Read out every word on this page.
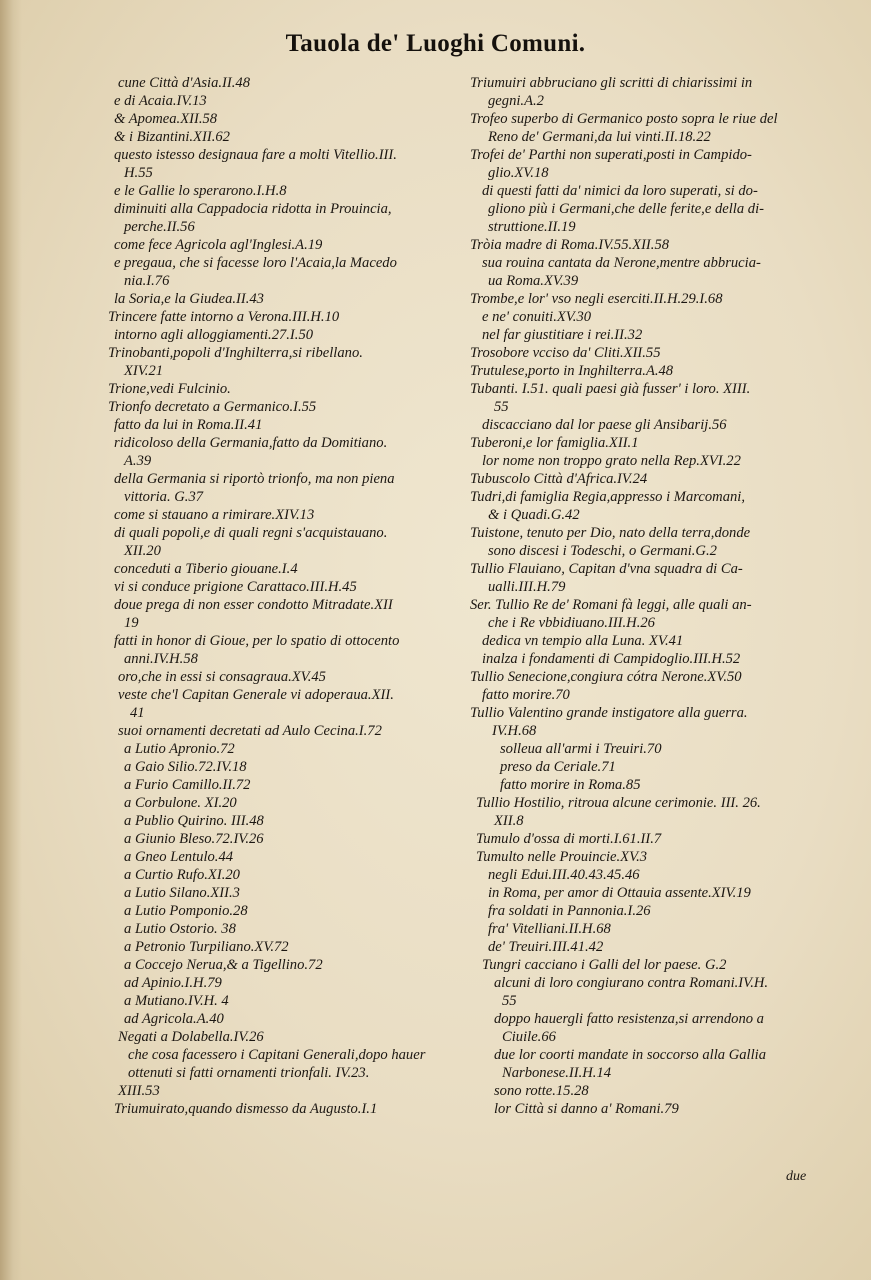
Tauola de' Luoghi Comuni.
cune Città d'Asia.II.48
e di Acaia.IV.13
& Apomea.XII.58
& i Bizantini.XII.62
questo istesso designaua fare a molti Vitellio.III.
H.55
e le Gallie lo sperarono.I.H.8
diminuiti alla Cappadocia ridotta in Prouincia,
perche.II.56
come fece Agricola agl'Inglesi.A.19
e pregaua, che si facesse loro l'Acaia,la Macedo
nia.I.76
la Soria,e la Giudea.II.43
Trincere fatte intorno a Verona.III.H.10
intorno agli alloggiamenti.27.I.50
Trinobanti,popoli d'Inghilterra,si ribellano.
XIV.21
Trione,vedi Fulcinio.
Trionfo decretato a Germanico.I.55
fatto da lui in Roma.II.41
ridicoloso della Germania,fatto da Domitiano.
A.39
della Germania si riportò trionfo, ma non piena
vittoria. G.37
come si stauano a rimirare.XIV.13
di quali popoli,e di quali regni s'acquistauano.
XII.20
conceduti a Tiberio giouane.I.4
vi si conduce prigione Carattaco.III.H.45
doue prega di non esser condotto Mitradate.XII
19
fatti in honor di Gioue, per lo spatio di ottocento
anni.IV.H.58
oro,che in essi si consagraua.XV.45
veste che'l Capitan Generale vi adoperaua.XII.
41
suoi ornamenti decretati ad Aulo Cecina.I.72
a Lutio Apronio.72
a Gaio Silio.72.IV.18
a Furio Camillo.II.72
a Corbulone. XI.20
a Publio Quirino. III.48
a Giunio Bleso.72.IV.26
a Gneo Lentulo.44
a Curtio Rufo.XI.20
a Lutio Silano.XII.3
a Lutio Pomponio.28
a Lutio Ostorio. 38
a Petronio Turpiliano.XV.72
a Coccejo Nerua,& a Tigellino.72
ad Apinio.I.H.79
a Mutiano.IV.H. 4
ad Agricola.A.40
Negati a Dolabella.IV.26
che cosa facessero i Capitani Generali,dopo hauer
ottenuti si fatti ornamenti trionfali. IV.23.
XIII.53
Triumuirato,quando dismesso da Augusto.I.1
Triumuiri abbruciano gli scritti di chiarissimi in
gegni.A.2
Trofeo superbo di Germanico posto sopra le riue del
Reno de' Germani,da lui vinti.II.18.22
Trofei de' Parthi non superati,posti in Campido-
glio.XV.18
di questi fatti da' nimici da loro superati, si do-
gliono più i Germani,che delle ferite,e della di-
struttione.II.19
Tròia madre di Roma.IV.55.XII.58
sua rouina cantata da Nerone,mentre abbrucia-
ua Roma.XV.39
Trombe,e lor' vso negli eserciti.II.H.29.I.68
e ne' conuiti.XV.30
nel far giustitiare i rei.II.32
Trosobore vcciso da' Cliti.XII.55
Trutulese,porto in Inghilterra.A.48
Tubanti. I.51. quali paesi già fusser' i loro. XIII.
55
discacciano dal lor paese gli Ansibarij.56
Tuberoni,e lor famiglia.XII.1
lor nome non troppo grato nella Rep.XVI.22
Tubuscolo Città d'Africa.IV.24
Tudri,di famiglia Regia,appresso i Marcomani,
& i Quadi.G.42
Tuistone, tenuto per Dio, nato della terra,donde
sono discesi i Todeschi, o Germani.G.2
Tullio Flauiano, Capitan d'vna squadra di Ca-
ualli.III.H.79
Ser. Tullio Re de' Romani fà leggi, alle quali an-
che i Re vbbidiuano.III.H.26
dedica vn tempio alla Luna. XV.41
inalza i fondamenti di Campidoglio.III.H.52
Tullio Senecione,congiura cótra Nerone.XV.50
fatto morire.70
Tullio Valentino grande instigatore alla guerra.
IV.H.68
solleua all'armi i Treuiri.70
preso da Ceriale.71
fatto morire in Roma.85
Tullio Hostilio, ritroua alcune cerimonie. III. 26.
XII.8
Tumulo d'ossa di morti.I.61.II.7
Tumulto nelle Prouincie.XV.3
negli Edui.III.40.43.45.46
in Roma, per amor di Ottauia assente.XIV.19
fra soldati in Pannonia.I.26
fra' Vitelliani.II.H.68
de' Treuiri.III.41.42
Tungri cacciano i Galli del lor paese. G.2
alcuni di loro congiurano contra Romani.IV.H.
55
doppo hauergli fatto resistenza,si arrendono a
Ciuile.66
due lor coorti mandate in soccorso alla Gallia
Narbonese.II.H.14
sono rotte.15.28
lor Città si danno a' Romani.79
due
